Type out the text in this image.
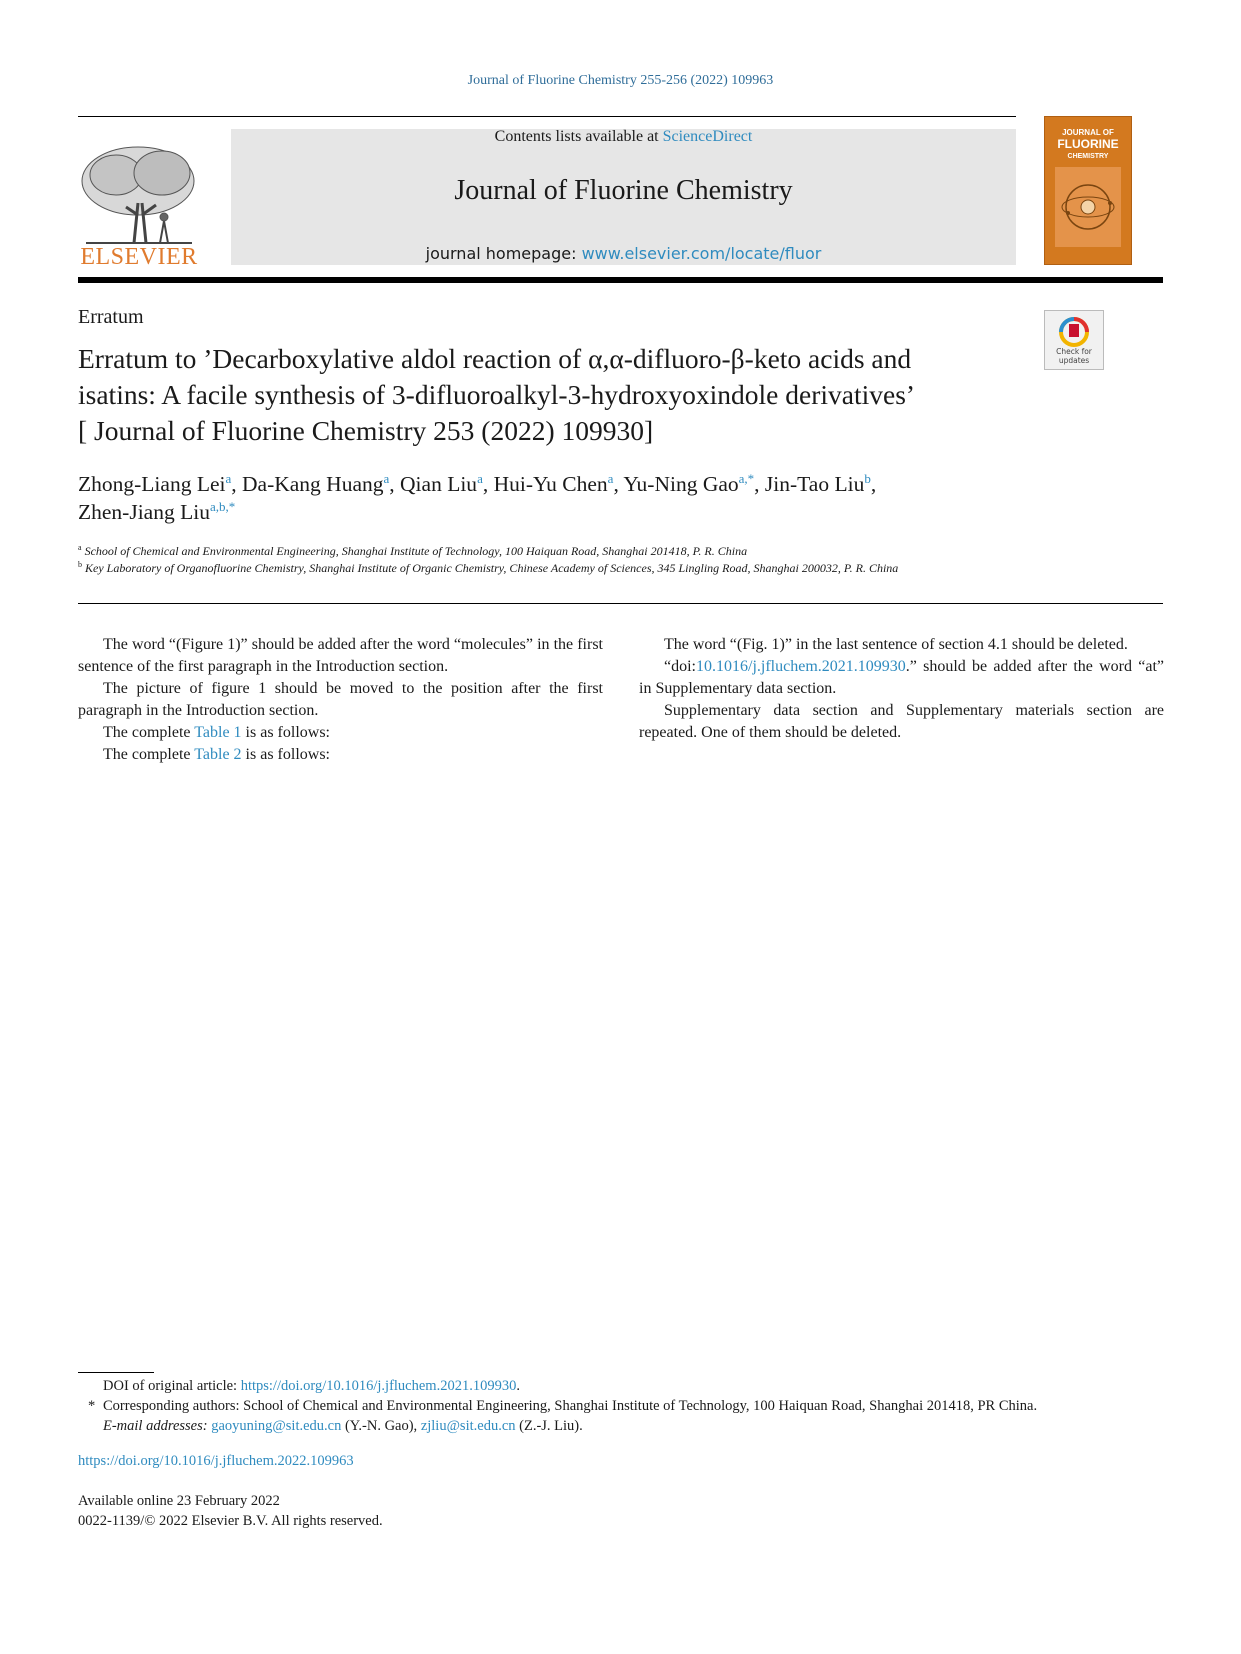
Journal of Fluorine Chemistry 255-256 (2022) 109963
ELSEVIER
Contents lists available at ScienceDirect
Journal of Fluorine Chemistry
journal homepage: www.elsevier.com/locate/fluor
JOURNAL OF
FLUORINE
CHEMISTRY
Erratum
Check for
updates
Erratum to ’Decarboxylative aldol reaction of α,α-difluoro-β-keto acids and
isatins: A facile synthesis of 3-difluoroalkyl-3-hydroxyoxindole derivatives’
[ Journal of Fluorine Chemistry 253 (2022) 109930]
Zhong-Liang Lei$^a$, Da-Kang Huang$^a$, Qian Liu$^a$, Hui-Yu Chen$^a$, Yu-Ning Gao$^{a,*}$, Jin-Tao Liu$^b$,
Zhen-Jiang Liu$^{a,b,*}$
$^a$ School of Chemical and Environmental Engineering, Shanghai Institute of Technology, 100 Haiquan Road, Shanghai 201418, P. R. China
$^b$ Key Laboratory of Organofluorine Chemistry, Shanghai Institute of Organic Chemistry, Chinese Academy of Sciences, 345 Lingling Road, Shanghai 200032, P. R. China

The word “(Figure 1)” should be added after the word “molecules” in the first sentence of the first paragraph in the Introduction section.

The picture of figure 1 should be moved to the position after the first paragraph in the Introduction section.

The complete Table 1 is as follows:

The complete Table 2 is as follows:

The word “(Fig. 1)” in the last sentence of section 4.1 should be deleted.

“doi:10.1016/j.jfluchem.2021.109930.” should be added after the word “at” in Supplementary data section.

Supplementary data section and Supplementary materials section are repeated. One of them should be deleted.

DOI of original article: https://doi.org/10.1016/j.jfluchem.2021.109930.
* Corresponding authors: School of Chemical and Environmental Engineering, Shanghai Institute of Technology, 100 Haiquan Road, Shanghai 201418, PR China.
E-mail addresses: gaoyuning@sit.edu.cn (Y.-N. Gao), zjliu@sit.edu.cn (Z.-J. Liu).
https://doi.org/10.1016/j.jfluchem.2022.109963
Available online 23 February 2022
0022-1139/© 2022 Elsevier B.V. All rights reserved.
